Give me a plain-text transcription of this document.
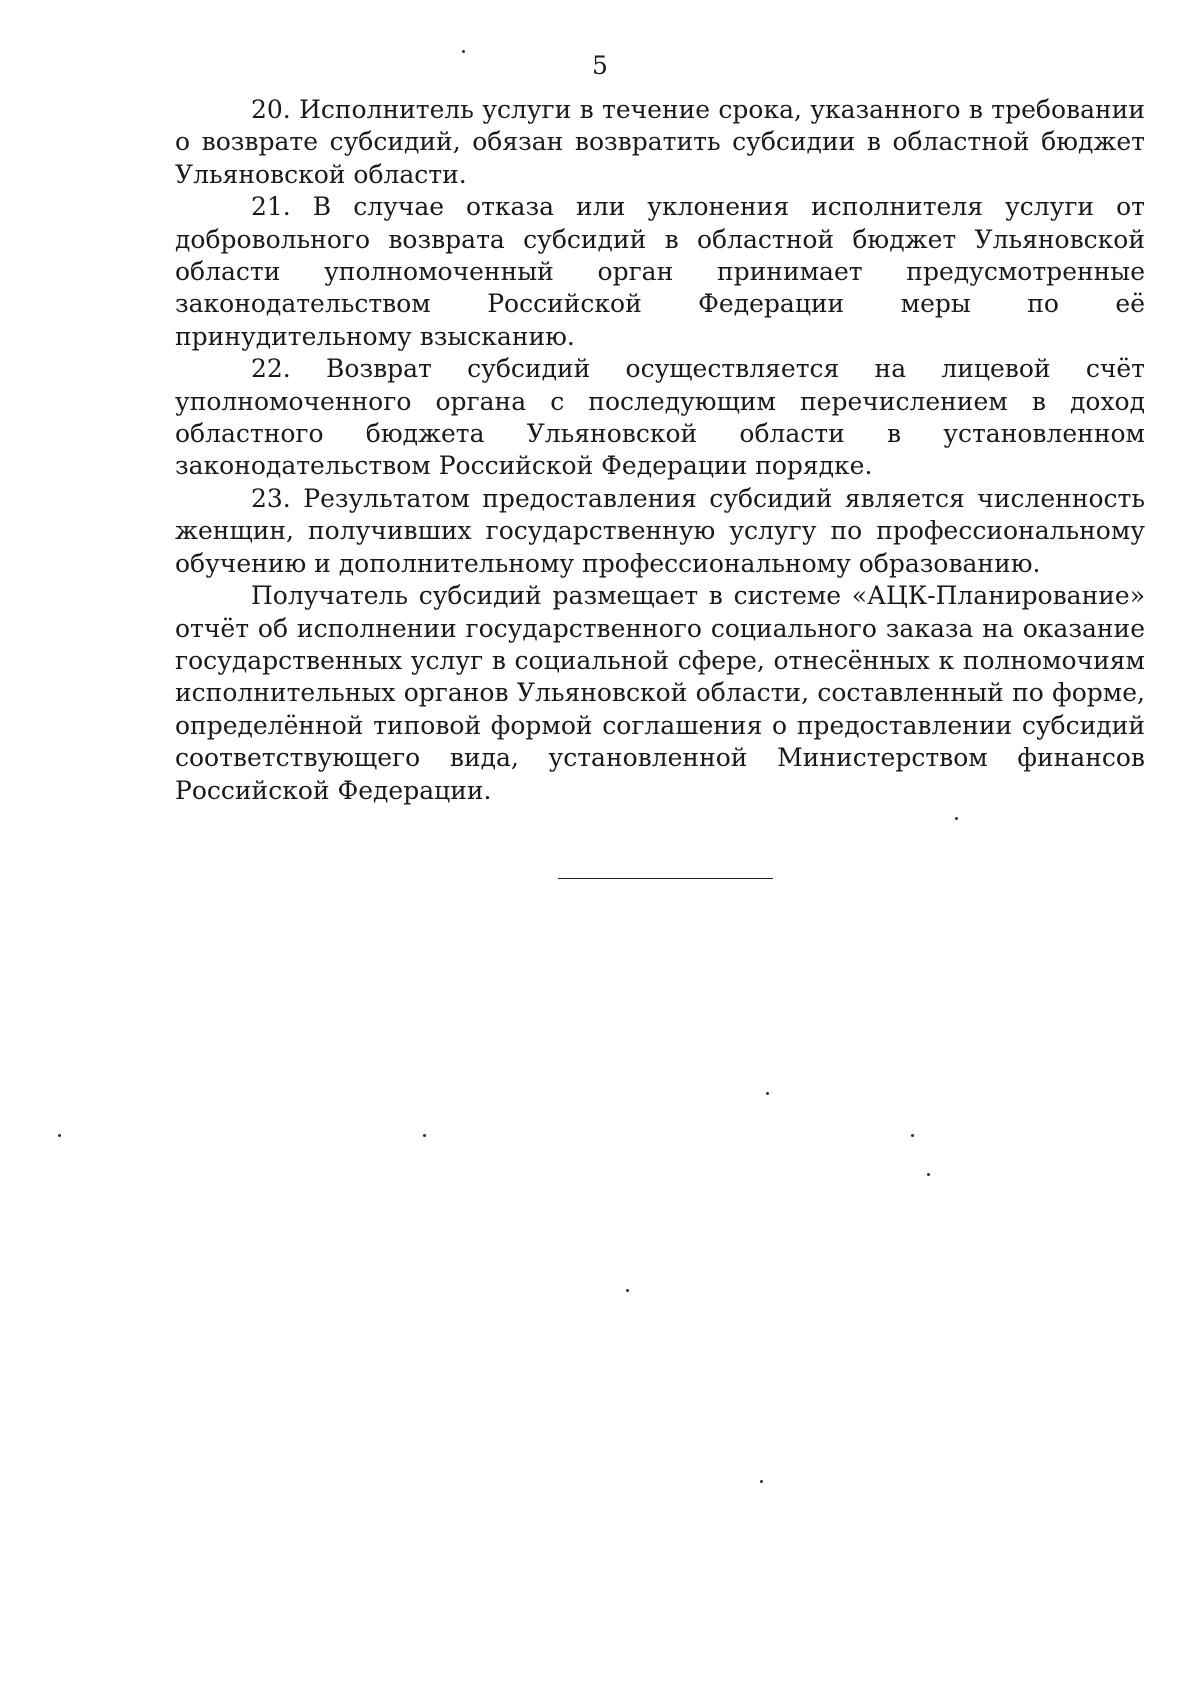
5

20. Исполнитель услуги в течение срока, указанного в требовании о возврате субсидий, обязан возвратить субсидии в областной бюджет Ульяновской области.

21. В случае отказа или уклонения исполнителя услуги от добровольного возврата субсидий в областной бюджет Ульяновской области уполномоченный орган принимает предусмотренные законодательством Российской Федерации меры по её принудительному взысканию.

22. Возврат субсидий осуществляется на лицевой счёт уполномоченного органа с последующим перечислением в доход областного бюджета Ульяновской области в установленном законодательством Российской Федерации порядке.

23. Результатом предоставления субсидий является численность женщин, получивших государственную услугу по профессиональному обучению и дополнительному профессиональному образованию.

Получатель субсидий размещает в системе «АЦК-Планирование» отчёт об исполнении государственного социального заказа на оказание государственных услуг в социальной сфере, отнесённых к полномочиям исполнительных органов Ульяновской области, составленный по форме, определённой типовой формой соглашения о предоставлении субсидий соответствующего вида, установленной Министерством финансов Российской Федерации.
